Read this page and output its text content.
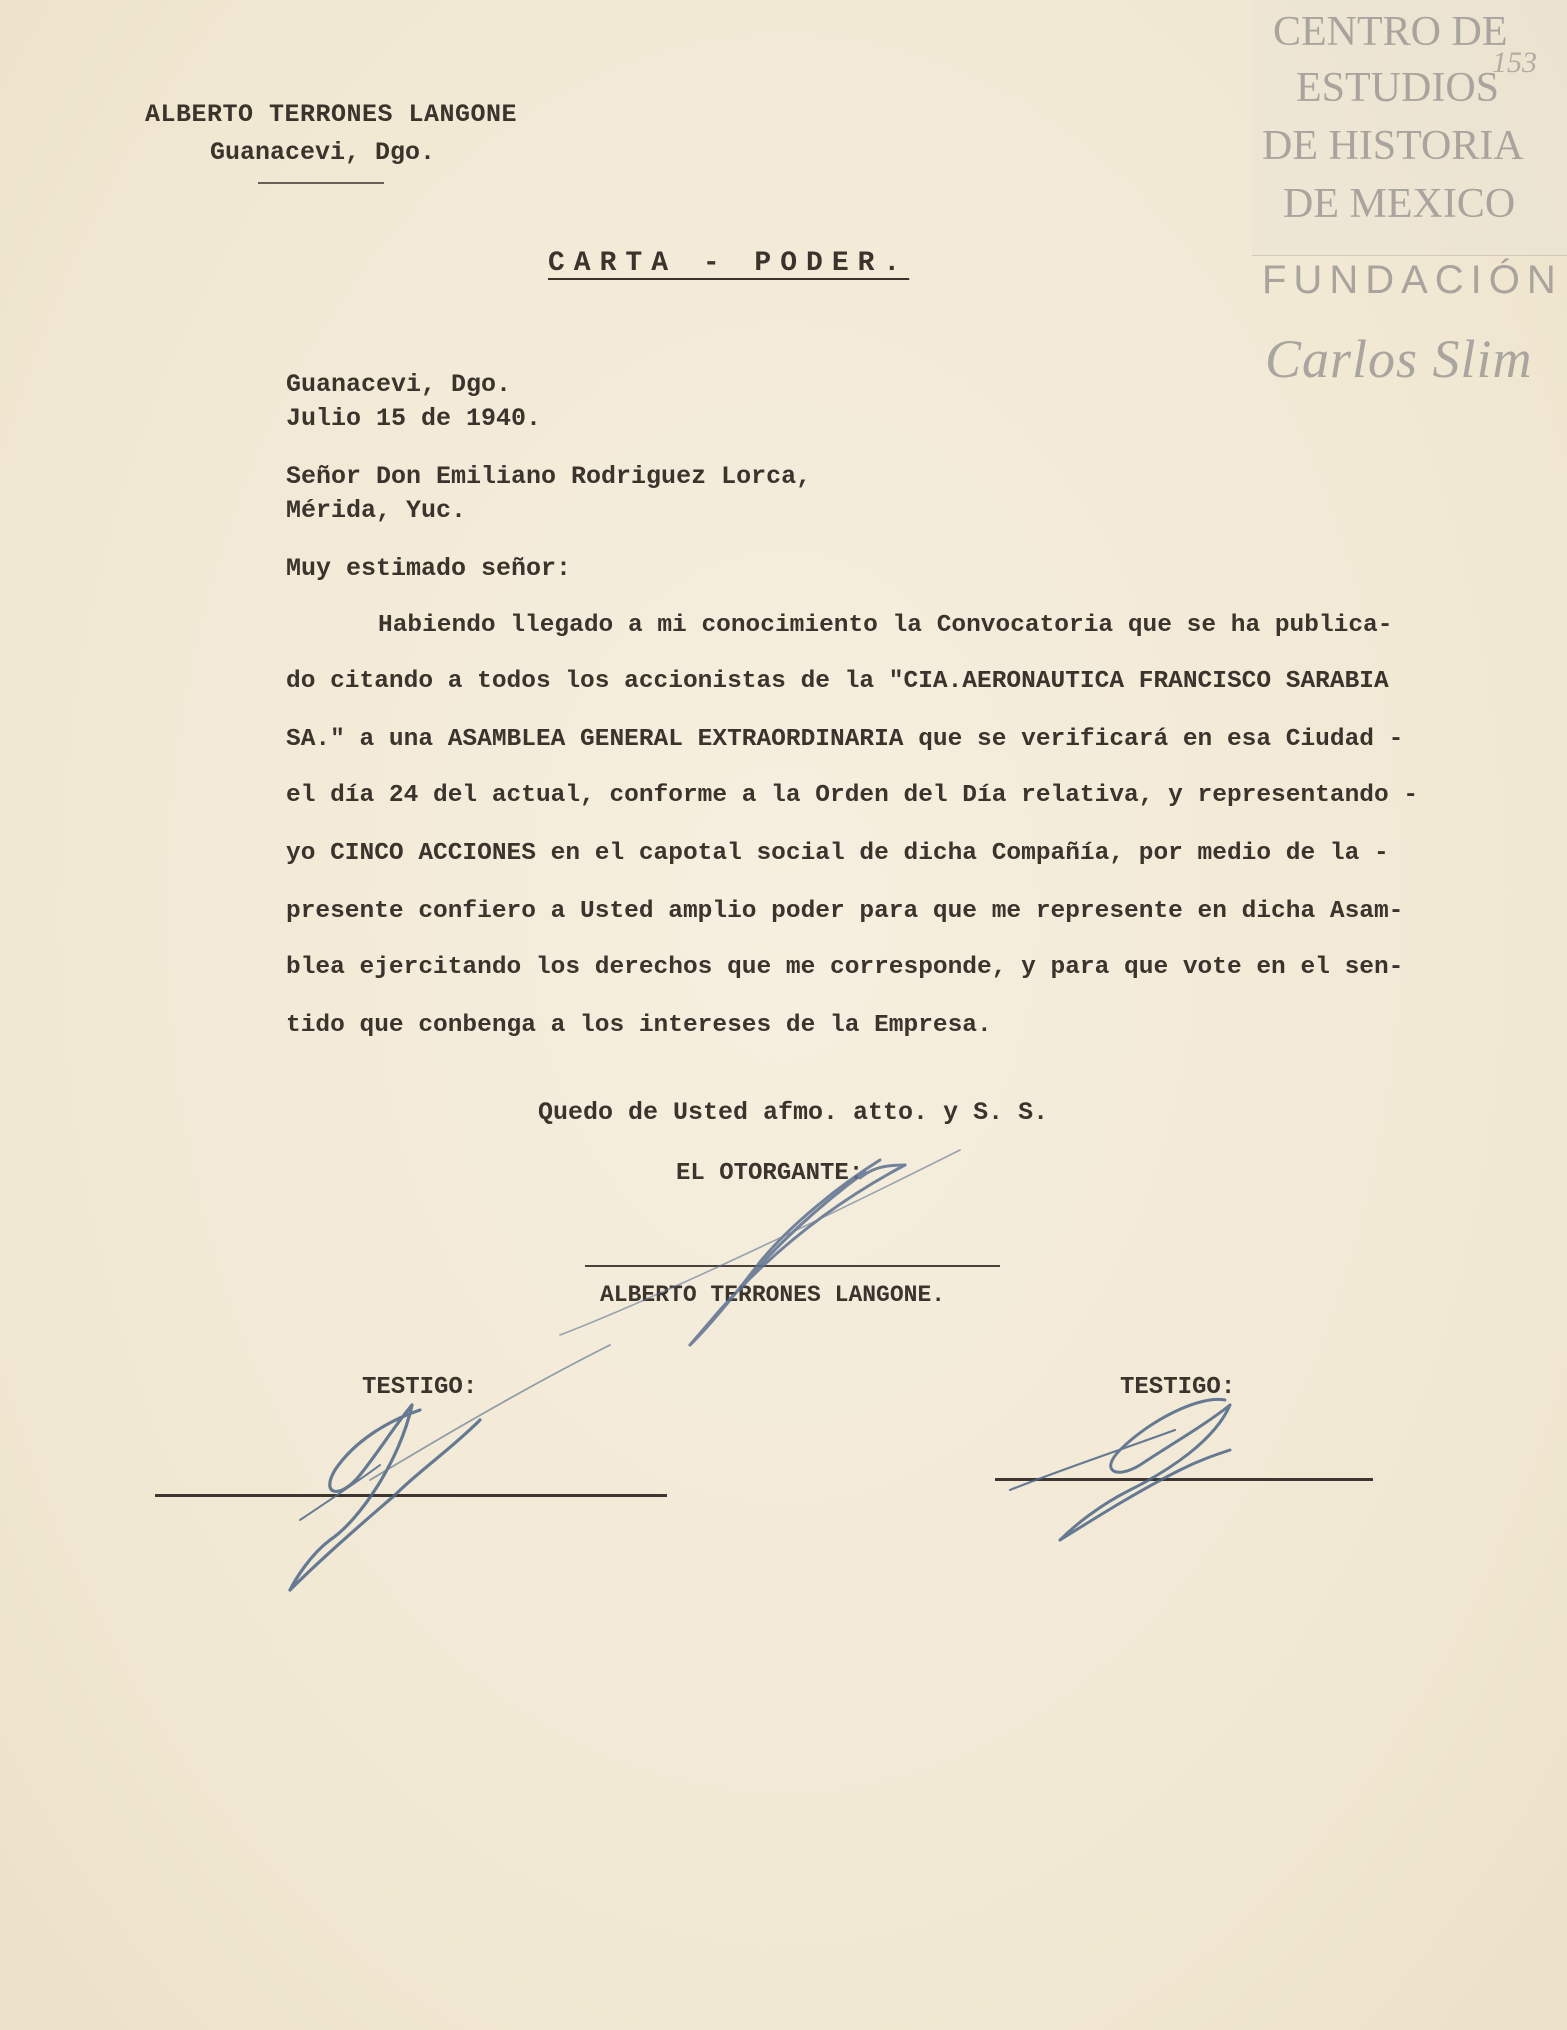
CENTRO DE
ESTUDIOS
DE HISTORIA
DE MEXICO
FUNDACIÓN
Carlos Slim
153
ALBERTO TERRONES LANGONE
Guanacevi, Dgo.
CARTA - PODER.
Guanacevi, Dgo.
Julio 15 de 1940.
Señor Don Emiliano Rodriguez Lorca,
Mérida, Yuc.
Muy estimado señor:
Habiendo llegado a mi conocimiento la Convocatoria que se ha publica-
do citando a todos los accionistas de la "CIA.AERONAUTICA FRANCISCO SARABIA
SA." a una ASAMBLEA GENERAL EXTRAORDINARIA que se verificará en esa Ciudad -
el día 24 del actual, conforme a la Orden del Día relativa, y representando -
yo CINCO ACCIONES en el capotal social de dicha Compañía, por medio de la -
presente confiero a Usted amplio poder para que me represente en dicha Asam-
blea ejercitando los derechos que me corresponde, y para que vote en el sen-
tido que conbenga a los intereses de la Empresa.
Quedo de Usted afmo. atto. y S. S.
EL OTORGANTE:
ALBERTO TERRONES LANGONE.
TESTIGO:	TESTIGO:
